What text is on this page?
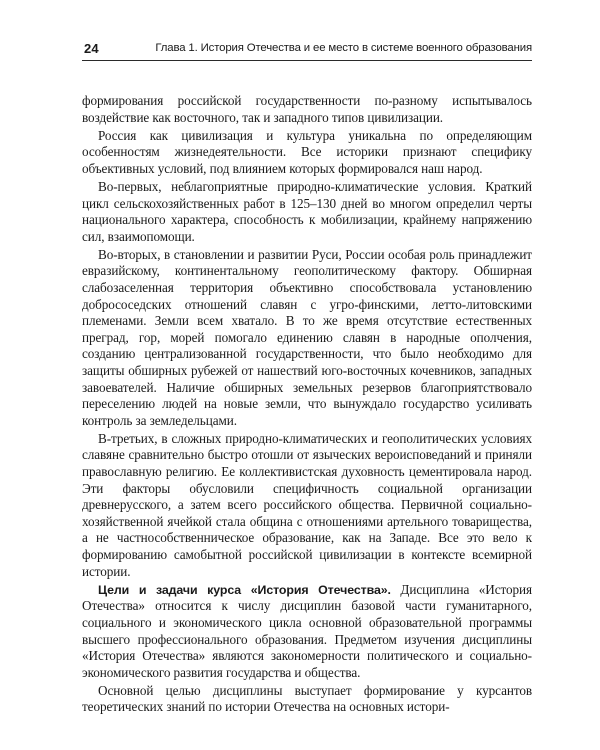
24	Глава 1. История Отечества и ее место в системе военного образования

формирования российской государственности по-разному испытывалось воздействие как восточного, так и западного типов цивилизации.

Россия как цивилизация и культура уникальна по определяющим особенностям жизнедеятельности. Все историки признают специфику объективных условий, под влиянием которых формировался наш народ.

Во-первых, неблагоприятные природно-климатические условия. Краткий цикл сельскохозяйственных работ в 125–130 дней во многом определил черты национального характера, способность к мобилизации, крайнему напряжению сил, взаимопомощи.

Во-вторых, в становлении и развитии Руси, России особая роль принадлежит евразийскому, континентальному геополитическому фактору. Обширная слабозаселенная территория объективно способствовала установлению добрососедских отношений славян с угро-финскими, летто-литовскими племенами. Земли всем хватало. В то же время отсутствие естественных преград, гор, морей помогало единению славян в народные ополчения, созданию централизованной государственности, что было необходимо для защиты обширных рубежей от нашествий юго-восточных кочевников, западных завоевателей. Наличие обширных земельных резервов благоприятствовало переселению людей на новые земли, что вынуждало государство усиливать контроль за земледельцами.

В-третьих, в сложных природно-климатических и геополитических условиях славяне сравнительно быстро отошли от языческих вероисповеданий и приняли православную религию. Ее коллективистская духовность цементировала народ. Эти факторы обусловили специфичность социальной организации древнерусского, а затем всего российского общества. Первичной социально-хозяйственной ячейкой стала община с отношениями артельного товарищества, а не частнособственническое образование, как на Западе. Все это вело к формированию самобытной российской цивилизации в контексте всемирной истории.

Цели и задачи курса «История Отечества». Дисциплина «История Отечества» относится к числу дисциплин базовой части гуманитарного, социального и экономического цикла основной образовательной программы высшего профессионального образования. Предметом изучения дисциплины «История Отечества» являются закономерности политического и социально-экономического развития государства и общества.

Основной целью дисциплины выступает формирование у курсантов теоретических знаний по истории Отечества на основных истори-
